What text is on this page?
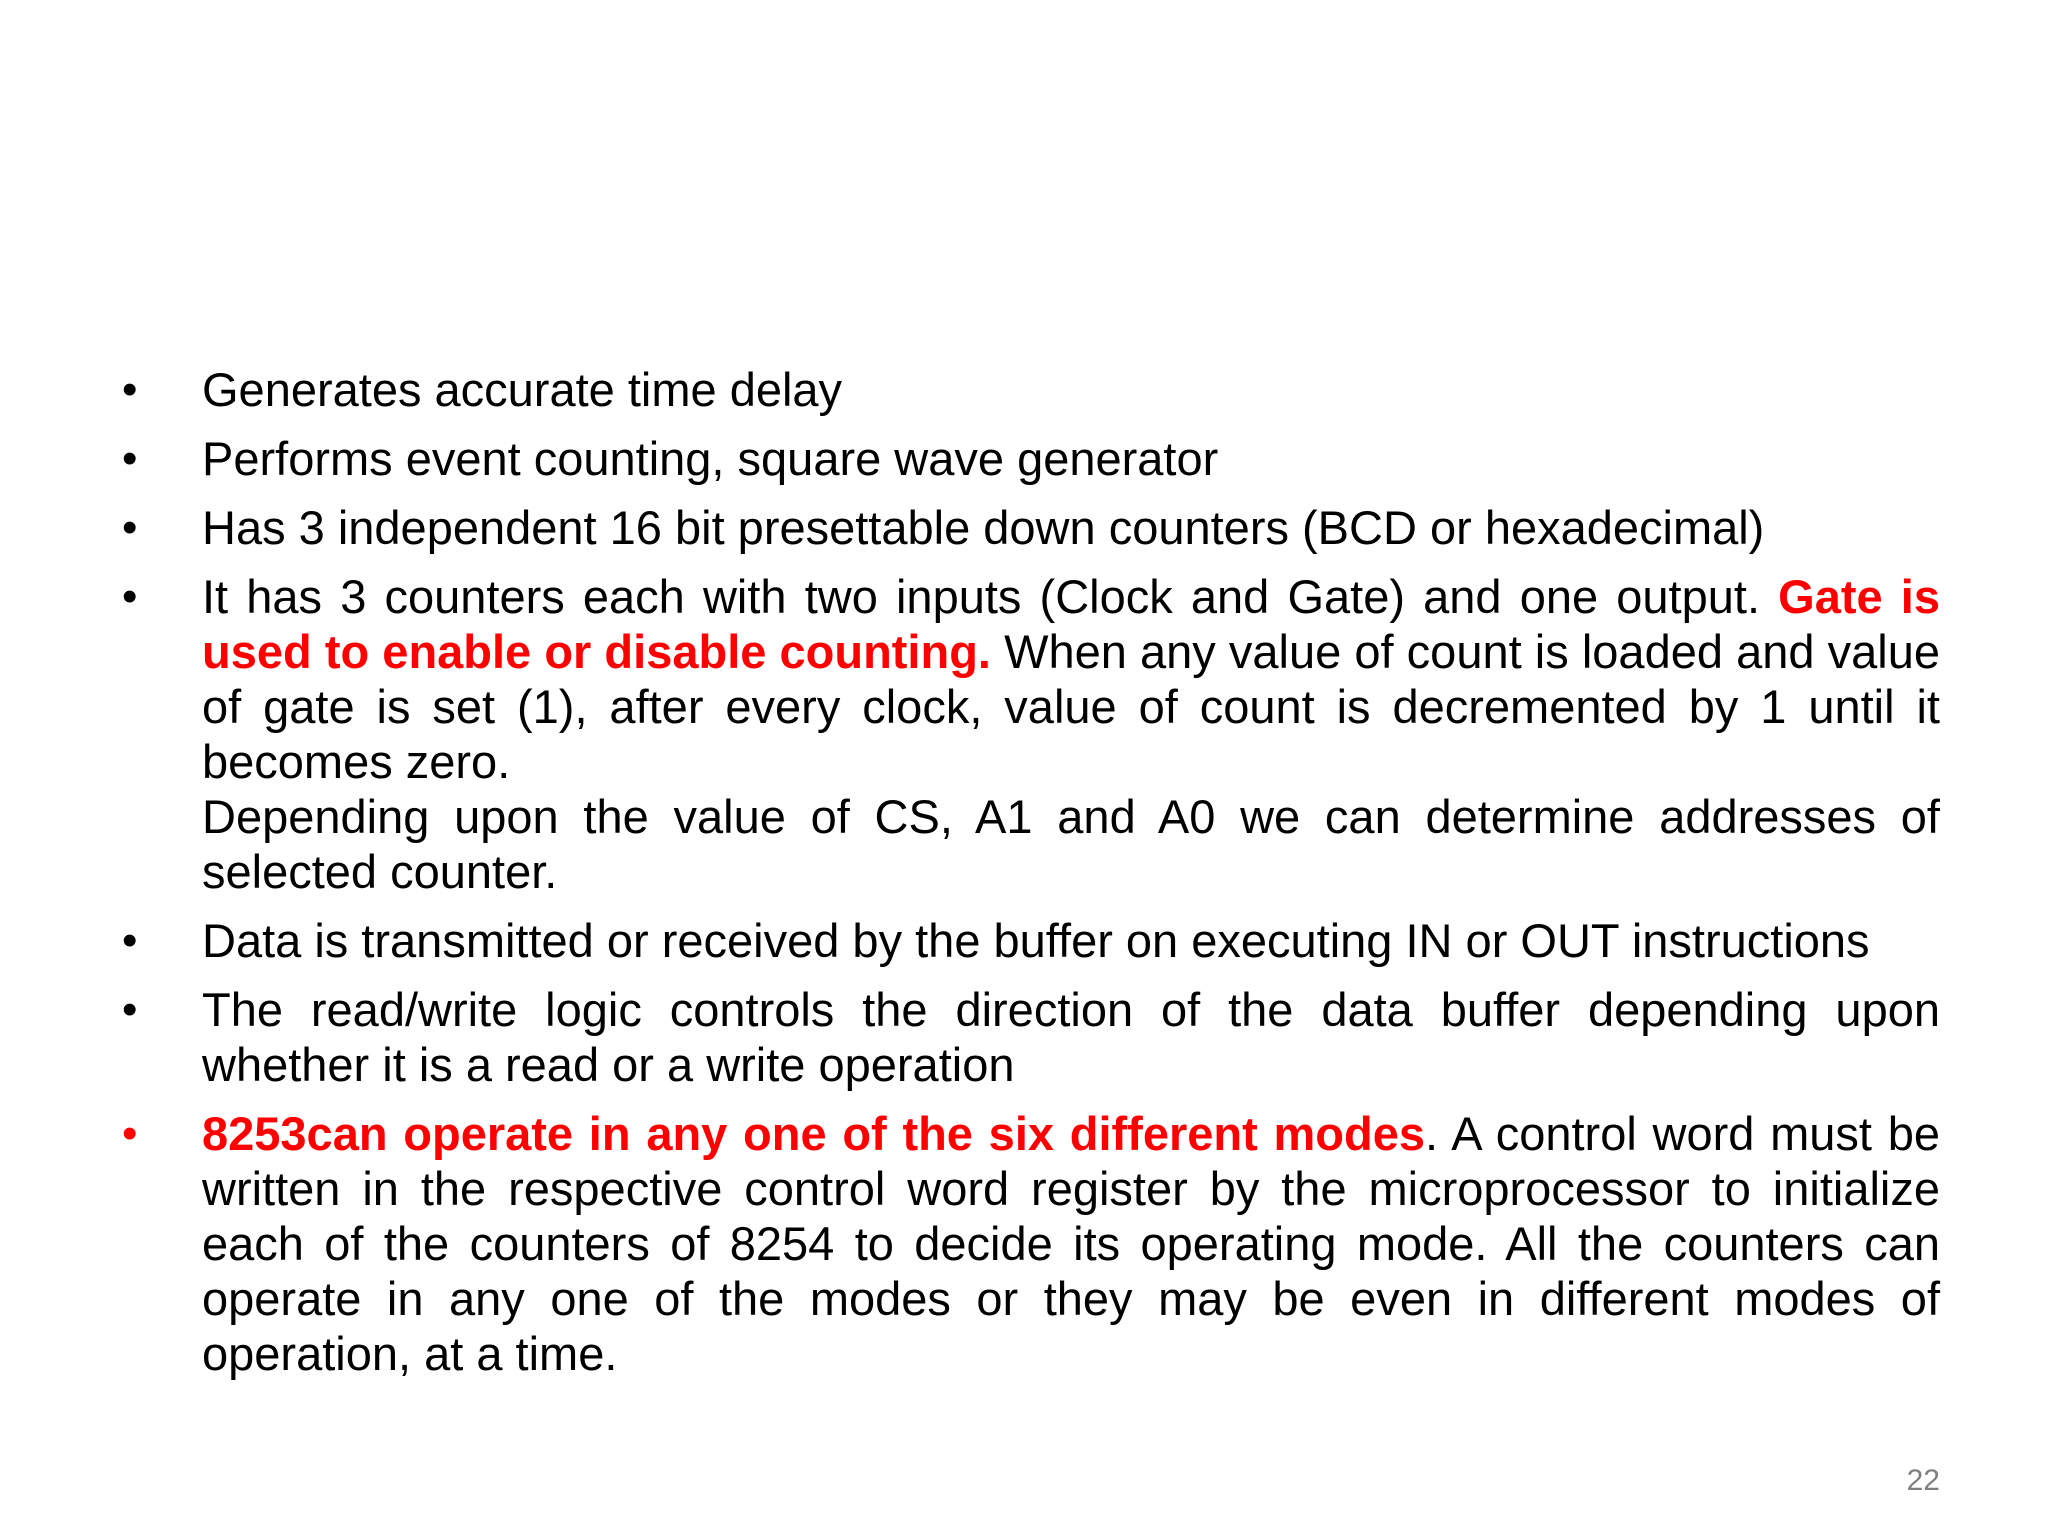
• Generates accurate time delay
• Performs event counting, square wave generator
• Has 3 independent 16 bit presettable down counters (BCD or hexadecimal)
• It has 3 counters each with two inputs (Clock and Gate) and one output. Gate is used to enable or disable counting. When any value of count is loaded and value of gate is set (1), after every clock, value of count is decremented by 1 until it becomes zero.
Depending upon the value of CS, A1 and A0 we can determine addresses of selected counter.
• Data is transmitted or received by the buffer on executing IN or OUT instructions
• The read/write logic controls the direction of the data buffer depending upon whether it is a read or a write operation
• 8253can operate in any one of the six different modes. A control word must be written in the respective control word register by the microprocessor to initialize each of the counters of 8254 to decide its operating mode. All the counters can operate in any one of the modes or they may be even in different modes of operation, at a time.
22
